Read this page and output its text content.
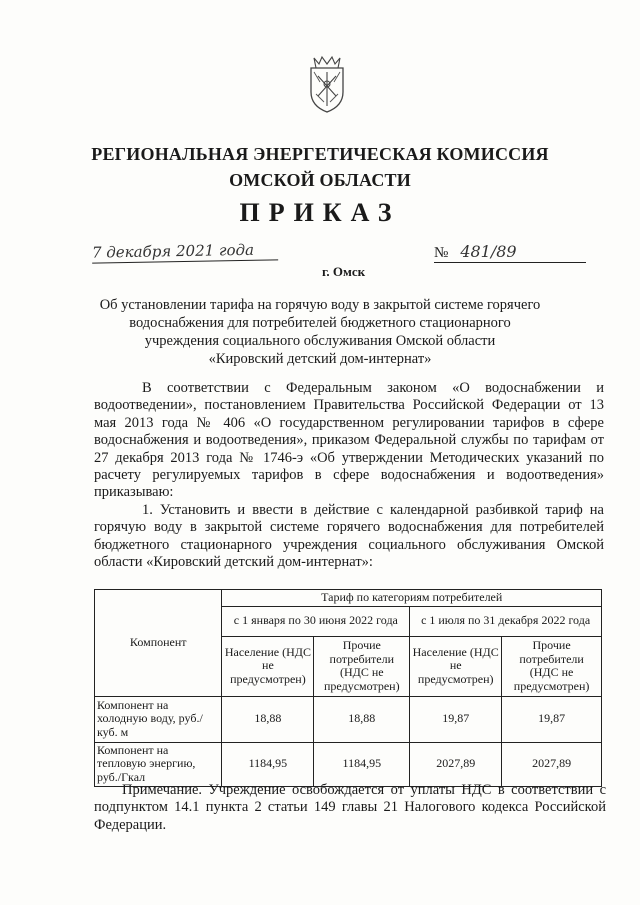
РЕГИОНАЛЬНАЯ ЭНЕРГЕТИЧЕСКАЯ КОМИССИЯ
ОМСКОЙ ОБЛАСТИ
ПРИКАЗ
7 декабря 2021 года	№ 481/89
г. Омск
Об установлении тарифа на горячую воду в закрытой системе горячего
водоснабжения для потребителей бюджетного стационарного
учреждения социального обслуживания Омской области
«Кировский детский дом-интернат»

В соответствии с Федеральным законом «О водоснабжении и водоотведении», постановлением Правительства Российской Федерации от 13 мая 2013 года № 406 «О государственном регулировании тарифов в сфере водоснабжения и водоотведения», приказом Федеральной службы по тарифам от 27 декабря 2013 года № 1746-э «Об утверждении Методических указаний по расчету регулируемых тарифов в сфере водоснабжения и водоотведения» приказываю:

1. Установить и ввести в действие с календарной разбивкой тариф на горячую воду в закрытой системе горячего водоснабжения для потребителей бюджетного стационарного учреждения социального обслуживания Омской области «Кировский детский дом-интернат»:

Компонент	Тариф по категориям потребителей			
	с 1 января по 30 июня 2022 года		с 1 июля по 31 декабря 2022 года	
	Население (НДС не предусмотрен)	Прочие потребители (НДС не предусмотрен)	Население (НДС не предусмотрен)	Прочие потребители (НДС не предусмотрен)
Компонент на холодную воду, руб./куб. м	18,88	18,88	19,87	19,87
Компонент на тепловую энергию, руб./Гкал	1184,95	1184,95	2027,89	2027,89

Примечание. Учреждение освобождается от уплаты НДС в соответствии с подпунктом 14.1 пункта 2 статьи 149 главы 21 Налогового кодекса Российской Федерации.
